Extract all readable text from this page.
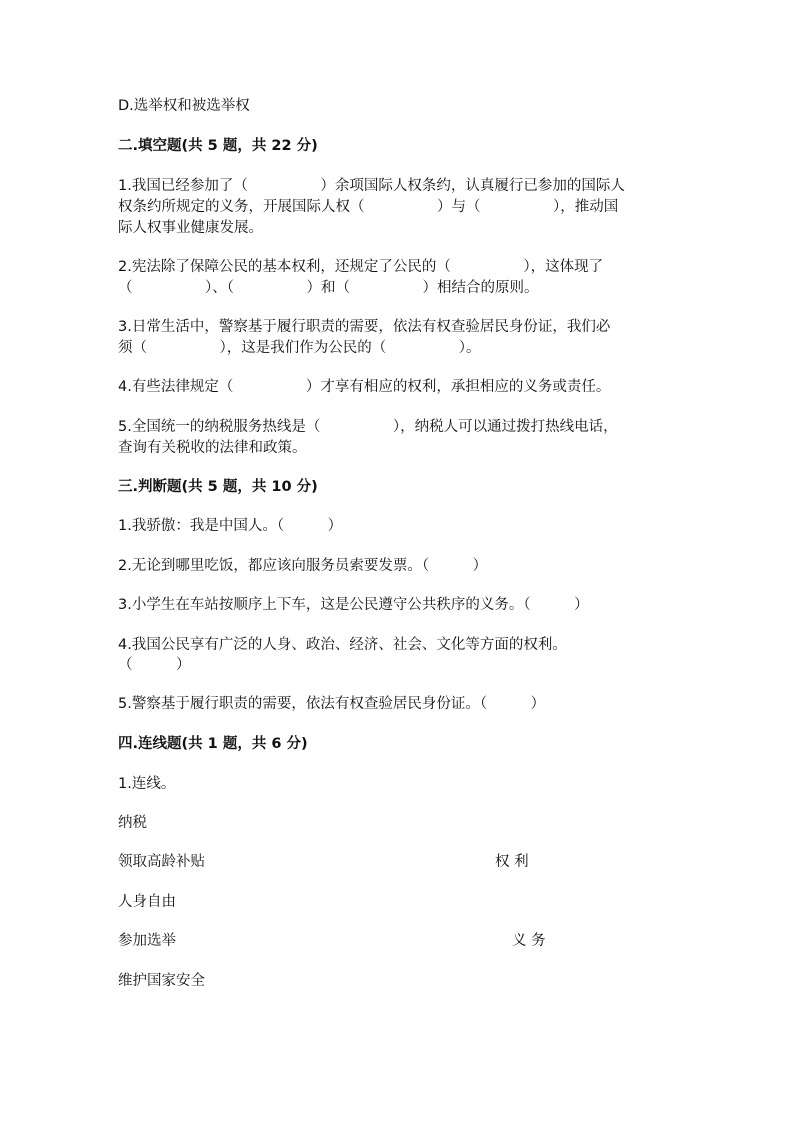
D.选举权和被选举权
二.填空题(共 5 题，共 22 分)
1.我国已经参加了（　　　　　）余项国际人权条约，认真履行已参加的国际人
权条约所规定的义务，开展国际人权（　　　　　）与（　　　　　），推动国
际人权事业健康发展。
2.宪法除了保障公民的基本权利，还规定了公民的（　　　　　），这体现了
（　　　　　）、（　　　　　）和（　　　　　）相结合的原则。
3.日常生活中，警察基于履行职责的需要，依法有权查验居民身份证，我们必
须（　　　　　），这是我们作为公民的（　　　　　）。
4.有些法律规定（　　　　　）才享有相应的权利，承担相应的义务或责任。
5.全国统一的纳税服务热线是（　　　　　），纳税人可以通过拨打热线电话，
查询有关税收的法律和政策。
三.判断题(共 5 题，共 10 分)
1.我骄傲：我是中国人。（　　　）
2.无论到哪里吃饭，都应该向服务员索要发票。（　　　）
3.小学生在车站按顺序上下车，这是公民遵守公共秩序的义务。（　　　）
4.我国公民享有广泛的人身、政治、经济、社会、文化等方面的权利。
（　　　）
5.警察基于履行职责的需要，依法有权查验居民身份证。（　　　）
四.连线题(共 1 题，共 6 分)
1.连线。
纳税
领取高龄补贴
人身自由
参加选举
维护国家安全
权 利
义 务
